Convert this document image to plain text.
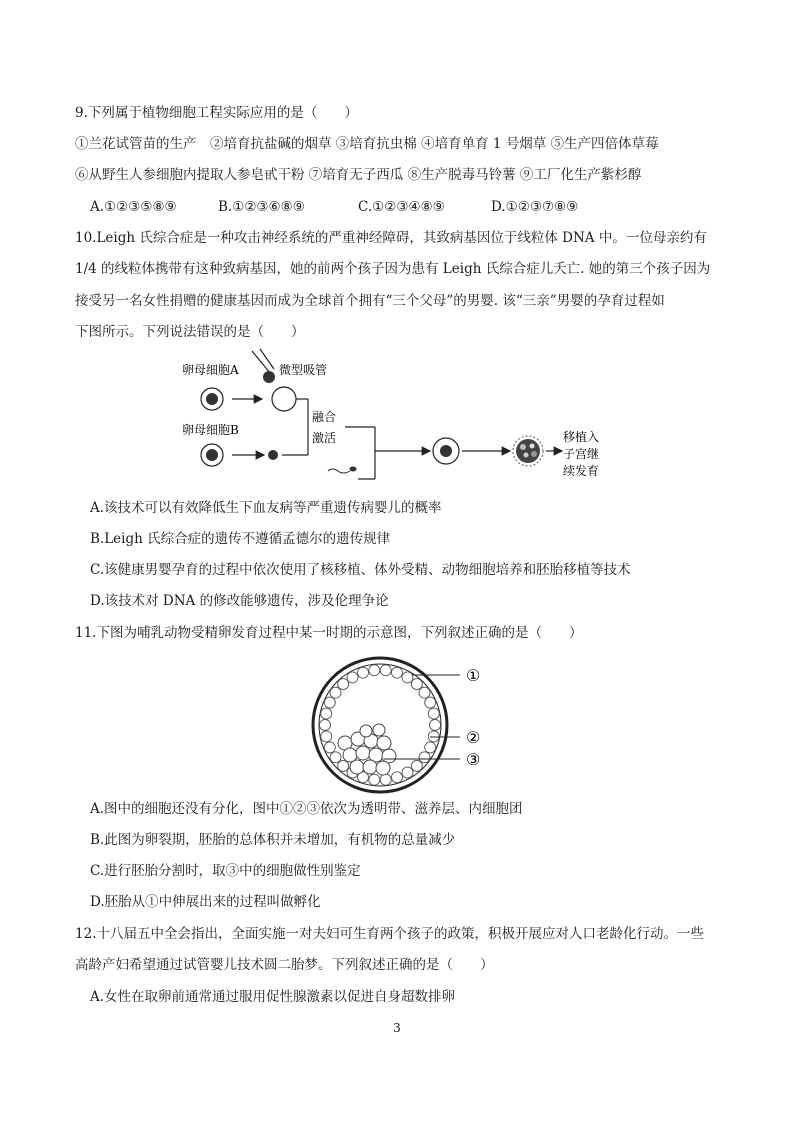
9.下列属于植物细胞工程实际应用的是（　　）
①兰花试管苗的生产　②培育抗盐碱的烟草 ③培育抗虫棉 ④培育单育 1 号烟草 ⑤生产四倍体草莓
⑥从野生人参细胞内提取人参皂甙干粉 ⑦培育无子西瓜 ⑧生产脱毒马铃薯 ⑨工厂化生产紫杉醇
A.①②③⑤⑧⑨	B.①②③⑥⑧⑨	C.①②③④⑧⑨	D.①②③⑦⑧⑨
10.Leigh 氏综合症是一种攻击神经系统的严重神经障碍，其致病基因位于线粒体 DNA 中。一位母亲约有
1/4 的线粒体携带有这种致病基因，她的前两个孩子因为患有 Leigh 氏综合症儿夭亡. 她的第三个孩子因为
接受另一名女性捐赠的健康基因而成为全球首个拥有“三个父母”的男婴. 该“三亲”男婴的孕育过程如
下图所示。下列说法错误的是（　　）
卵母细胞A	微型吸管
卵母细胞B
融合
激活	移植入
子宫继
续发育
A.该技术可以有效降低生下血友病等严重遗传病婴儿的概率
B.Leigh 氏综合症的遗传不遵循孟德尔的遗传规律
C.该健康男婴孕育的过程中依次使用了核移植、体外受精、动物细胞培养和胚胎移植等技术
D.该技术对 DNA 的修改能够遗传，涉及伦理争论
11.下图为哺乳动物受精卵发育过程中某一时期的示意图，下列叙述正确的是（　　）
①
②
③
A.图中的细胞还没有分化，图中①②③依次为透明带、滋养层、内细胞团
B.此图为卵裂期，胚胎的总体积并未增加，有机物的总量减少
C.进行胚胎分割时，取③中的细胞做性别鉴定
D.胚胎从①中伸展出来的过程叫做孵化
12.十八届五中全会指出，全面实施一对夫妇可生育两个孩子的政策，积极开展应对人口老龄化行动。一些
高龄产妇希望通过试管婴儿技术圆二胎梦。下列叙述正确的是（　　）
A.女性在取卵前通常通过服用促性腺激素以促进自身超数排卵
3
